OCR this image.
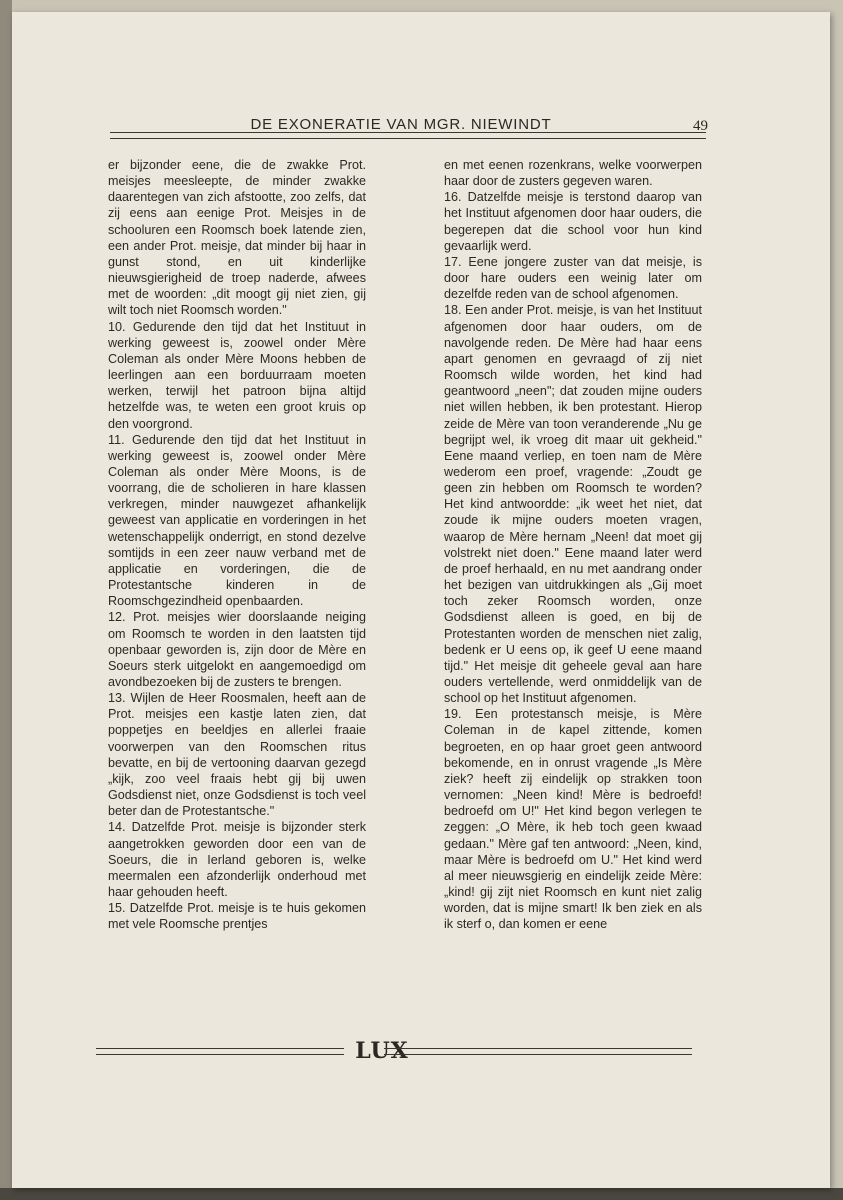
DE EXONERATIE VAN MGR. NIEWINDT	49

er bijzonder eene, die de zwakke Prot. meisjes meesleepte, de minder zwakke daarentegen van zich afstootte, zoo zelfs, dat zij eens aan eenige Prot. Meisjes in de schooluren een Roomsch boek latende zien, een ander Prot. meisje, dat minder bij haar in gunst stond, en uit kinderlijke nieuwsgierigheid de troep naderde, afwees met de woorden: „dit moogt gij niet zien, gij wilt toch niet Roomsch worden."

10. Gedurende den tijd dat het Instituut in werking geweest is, zoowel onder Mère Coleman als onder Mère Moons hebben de leerlingen aan een borduurraam moeten werken, terwijl het patroon bijna altijd hetzelfde was, te weten een groot kruis op den voorgrond.

11. Gedurende den tijd dat het Instituut in werking geweest is, zoowel onder Mère Coleman als onder Mère Moons, is de voorrang, die de scholieren in hare klassen verkregen, minder nauwgezet afhankelijk geweest van applicatie en vorderingen in het wetenschappelijk onderrigt, en stond dezelve somtijds in een zeer nauw verband met de applicatie en vorderingen, die de Protestantsche kinderen in de Roomschgezindheid openbaarden.

12. Prot. meisjes wier doorslaande neiging om Roomsch te worden in den laatsten tijd openbaar geworden is, zijn door de Mère en Soeurs sterk uitgelokt en aangemoedigd om avondbezoeken bij de zusters te brengen.

13. Wijlen de Heer Roosmalen, heeft aan de Prot. meisjes een kastje laten zien, dat poppetjes en beeldjes en allerlei fraaie voorwerpen van den Roomschen ritus bevatte, en bij de vertooning daarvan gezegd „kijk, zoo veel fraais hebt gij bij uwen Godsdienst niet, onze Godsdienst is toch veel beter dan de Protestantsche."

14. Datzelfde Prot. meisje is bijzonder sterk aangetrokken geworden door een van de Soeurs, die in Ierland geboren is, welke meermalen een afzonderlijk onderhoud met haar gehouden heeft.

15. Datzelfde Prot. meisje is te huis gekomen met vele Roomsche prentjes

en met eenen rozenkrans, welke voorwerpen haar door de zusters gegeven waren.

16. Datzelfde meisje is terstond daarop van het Instituut afgenomen door haar ouders, die begerepen dat die school voor hun kind gevaarlijk werd.

17. Eene jongere zuster van dat meisje, is door hare ouders een weinig later om dezelfde reden van de school afgenomen.

18. Een ander Prot. meisje, is van het Instituut afgenomen door haar ouders, om de navolgende reden. De Mère had haar eens apart genomen en gevraagd of zij niet Roomsch wilde worden, het kind had geantwoord „neen"; dat zouden mijne ouders niet willen hebben, ik ben protestant. Hierop zeide de Mère van toon veranderende „Nu ge begrijpt wel, ik vroeg dit maar uit gekheid." Eene maand verliep, en toen nam de Mère wederom een proef, vragende: „Zoudt ge geen zin hebben om Roomsch te worden? Het kind antwoordde: „ik weet het niet, dat zoude ik mijne ouders moeten vragen, waarop de Mère hernam „Neen! dat moet gij volstrekt niet doen." Eene maand later werd de proef herhaald, en nu met aandrang onder het bezigen van uitdrukkingen als „Gij moet toch zeker Roomsch worden, onze Godsdienst alleen is goed, en bij de Protestanten worden de menschen niet zalig, bedenk er U eens op, ik geef U eene maand tijd." Het meisje dit geheele geval aan hare ouders vertellende, werd onmiddelijk van de school op het Instituut afgenomen.

19. Een protestansch meisje, is Mère Coleman in de kapel zittende, komen begroeten, en op haar groet geen antwoord bekomende, en in onrust vragende „Is Mère ziek? heeft zij eindelijk op strakken toon vernomen: „Neen kind! Mère is bedroefd! bedroefd om U!" Het kind begon verlegen te zeggen: „O Mère, ik heb toch geen kwaad gedaan." Mère gaf ten antwoord: „Neen, kind, maar Mère is bedroefd om U." Het kind werd al meer nieuwsgierig en eindelijk zeide Mère: „kind! gij zijt niet Roomsch en kunt niet zalig worden, dat is mijne smart! Ik ben ziek en als ik sterf o, dan komen er eene

LUX
